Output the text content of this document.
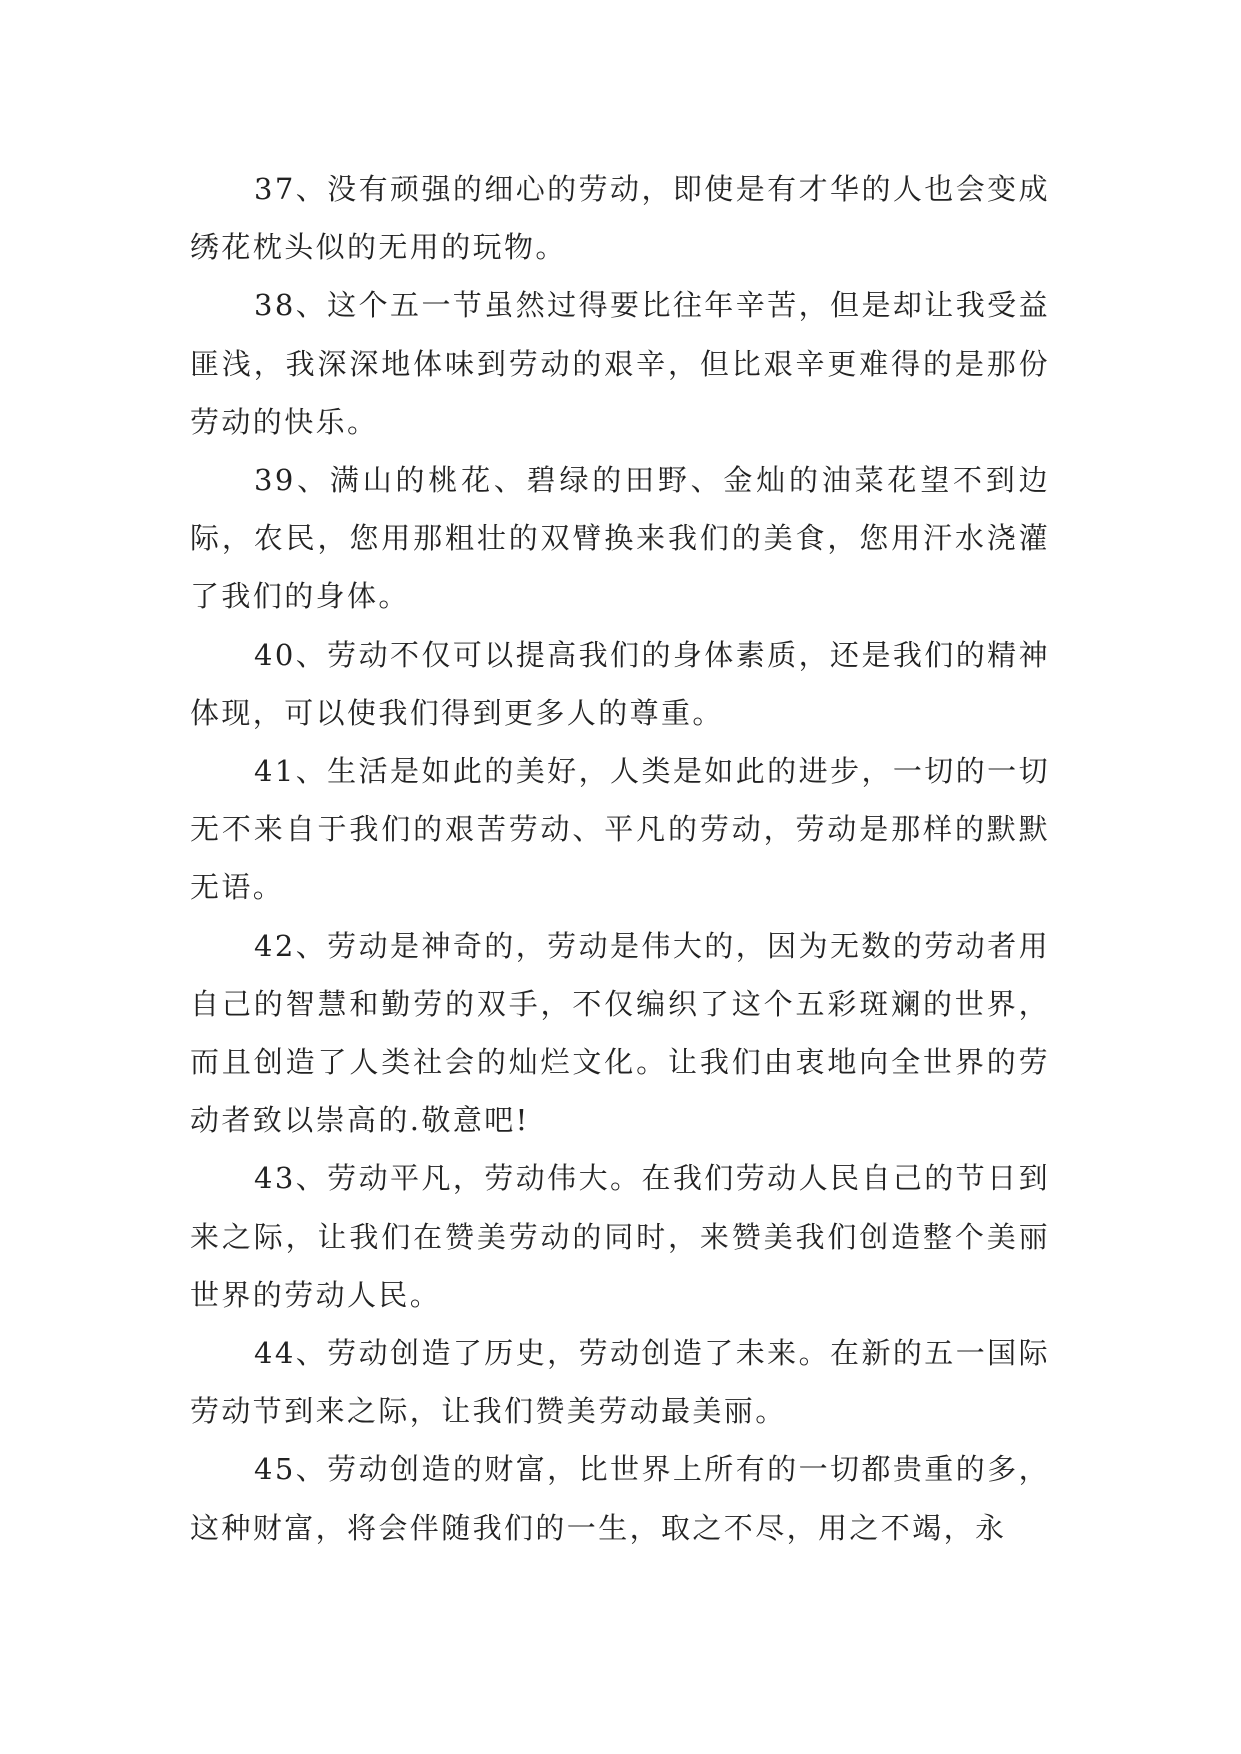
37、没有顽强的细心的劳动，即使是有才华的人也会变成绣花枕头似的无用的玩物。

38、这个五一节虽然过得要比往年辛苦，但是却让我受益匪浅，我深深地体味到劳动的艰辛，但比艰辛更难得的是那份劳动的快乐。

39、满山的桃花、碧绿的田野、金灿的油菜花望不到边际，农民，您用那粗壮的双臂换来我们的美食，您用汗水浇灌了我们的身体。

40、劳动不仅可以提高我们的身体素质，还是我们的精神体现，可以使我们得到更多人的尊重。

41、生活是如此的美好，人类是如此的进步，一切的一切无不来自于我们的艰苦劳动、平凡的劳动，劳动是那样的默默无语。

42、劳动是神奇的，劳动是伟大的，因为无数的劳动者用自己的智慧和勤劳的双手，不仅编织了这个五彩斑斓的世界，而且创造了人类社会的灿烂文化。让我们由衷地向全世界的劳动者致以崇高的.敬意吧!

43、劳动平凡，劳动伟大。在我们劳动人民自己的节日到来之际，让我们在赞美劳动的同时，来赞美我们创造整个美丽世界的劳动人民。

44、劳动创造了历史，劳动创造了未来。在新的五一国际劳动节到来之际，让我们赞美劳动最美丽。

45、劳动创造的财富，比世界上所有的一切都贵重的多，这种财富，将会伴随我们的一生，取之不尽，用之不竭，永
